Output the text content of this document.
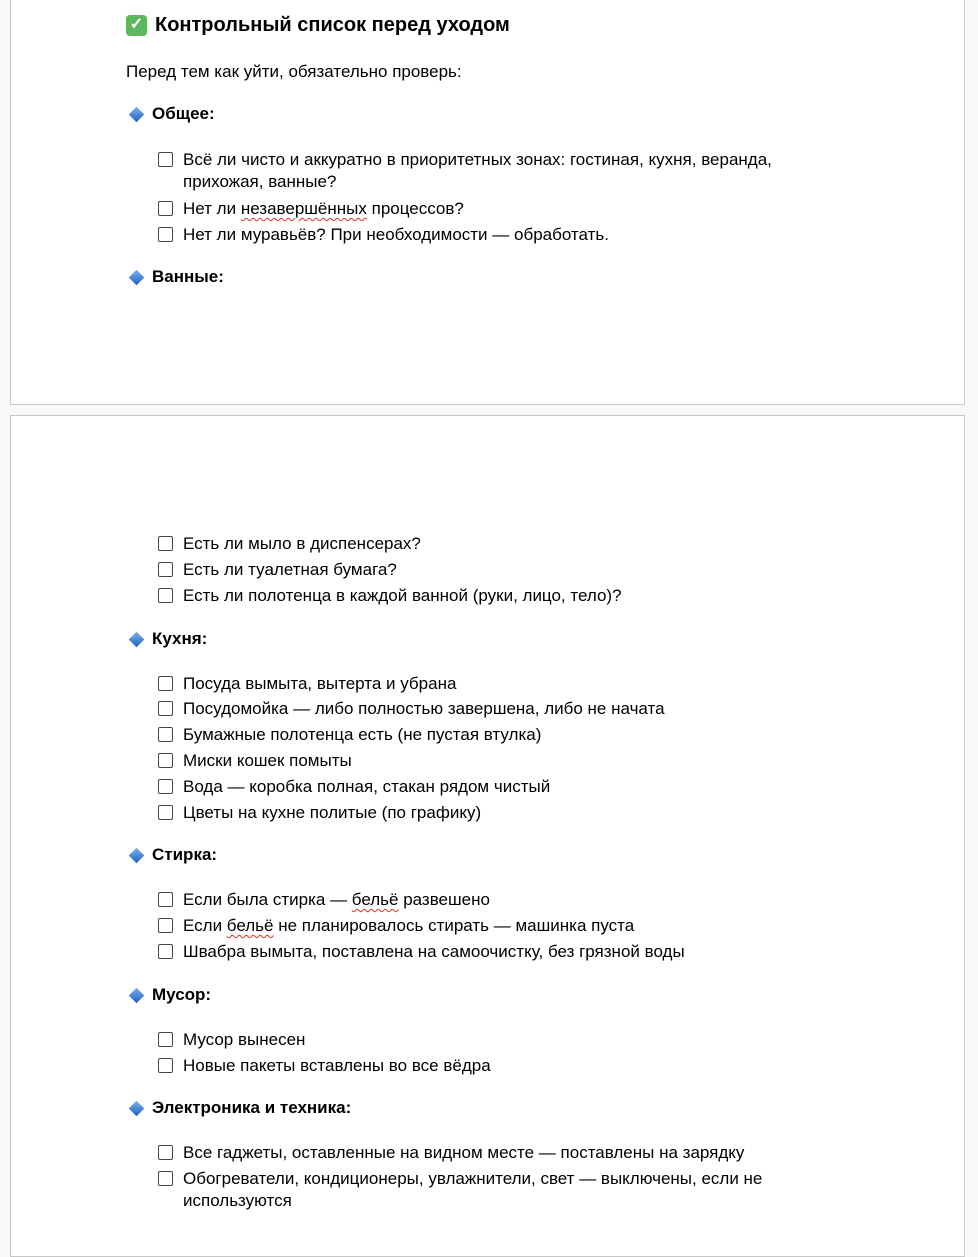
✓ Контрольный список перед уходом
Перед тем как уйти, обязательно проверь:
Общее:
Всё ли чисто и аккуратно в приоритетных зонах: гостиная, кухня, веранда, прихожая, ванные?
Нет ли незавершённых процессов?
Нет ли муравьёв? При необходимости — обработать.
Ванные:
Есть ли мыло в диспенсерах?
Есть ли туалетная бумага?
Есть ли полотенца в каждой ванной (руки, лицо, тело)?
Кухня:
Посуда вымыта, вытерта и убрана
Посудомойка — либо полностью завершена, либо не начата
Бумажные полотенца есть (не пустая втулка)
Миски кошек помыты
Вода — коробка полная, стакан рядом чистый
Цветы на кухне политые (по графику)
Стирка:
Если была стирка — бельё развешено
Если бельё не планировалось стирать — машинка пуста
Швабра вымыта, поставлена на самоочистку, без грязной воды
Мусор:
Мусор вынесен
Новые пакеты вставлены во все вёдра
Электроника и техника:
Все гаджеты, оставленные на видном месте — поставлены на зарядку
Обогреватели, кондиционеры, увлажнители, свет — выключены, если не используются
